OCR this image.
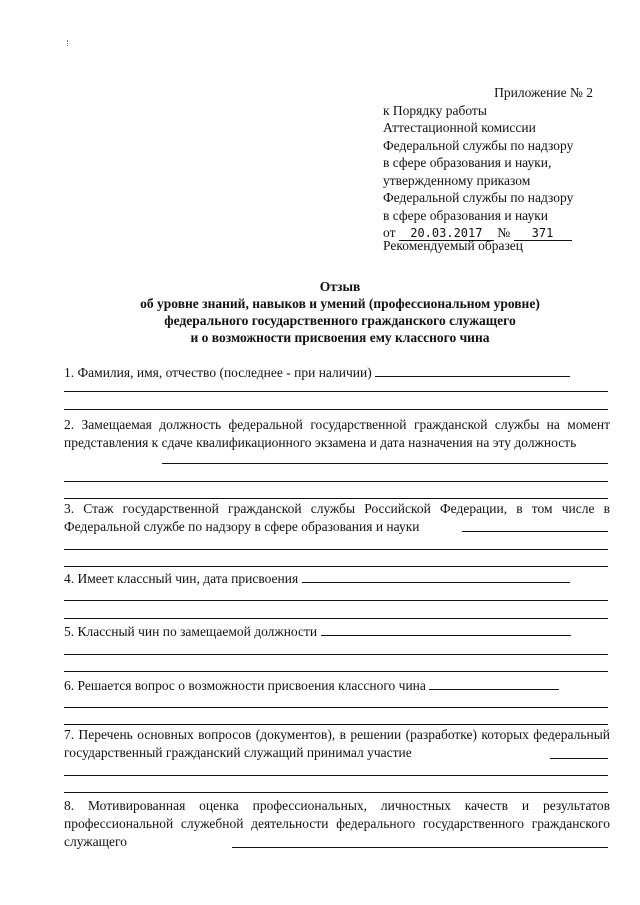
Приложение № 2
к Порядку работы
Аттестационной комиссии
Федеральной службы по надзору
в сфере образования и науки,
утвержденному приказом
Федеральной службы по надзору
в сфере образования и науки
от 20.03.2017 № 371
Рекомендуемый образец
Отзыв
об уровне знаний, навыков и умений (профессиональном уровне)
федерального государственного гражданского служащего
и о возможности присвоения ему классного чина
1. Фамилия, имя, отчество (последнее - при наличии)

2. Замещаемая должность федеральной государственной гражданской службы на момент представления к сдаче квалификационного экзамена и дата назначения на эту должность

3. Стаж государственной гражданской службы Российской Федерации, в том числе в Федеральной службе по надзору в сфере образования и науки

4. Имеет классный чин, дата присвоения
5. Классный чин по замещаемой должности
6. Решается вопрос о возможности присвоения классного чина

7. Перечень основных вопросов (документов), в решении (разработке) которых федеральный государственный гражданский служащий принимал участие

8. Мотивированная оценка профессиональных, личностных качеств и результатов профессиональной служебной деятельности федерального государственного гражданского служащего
